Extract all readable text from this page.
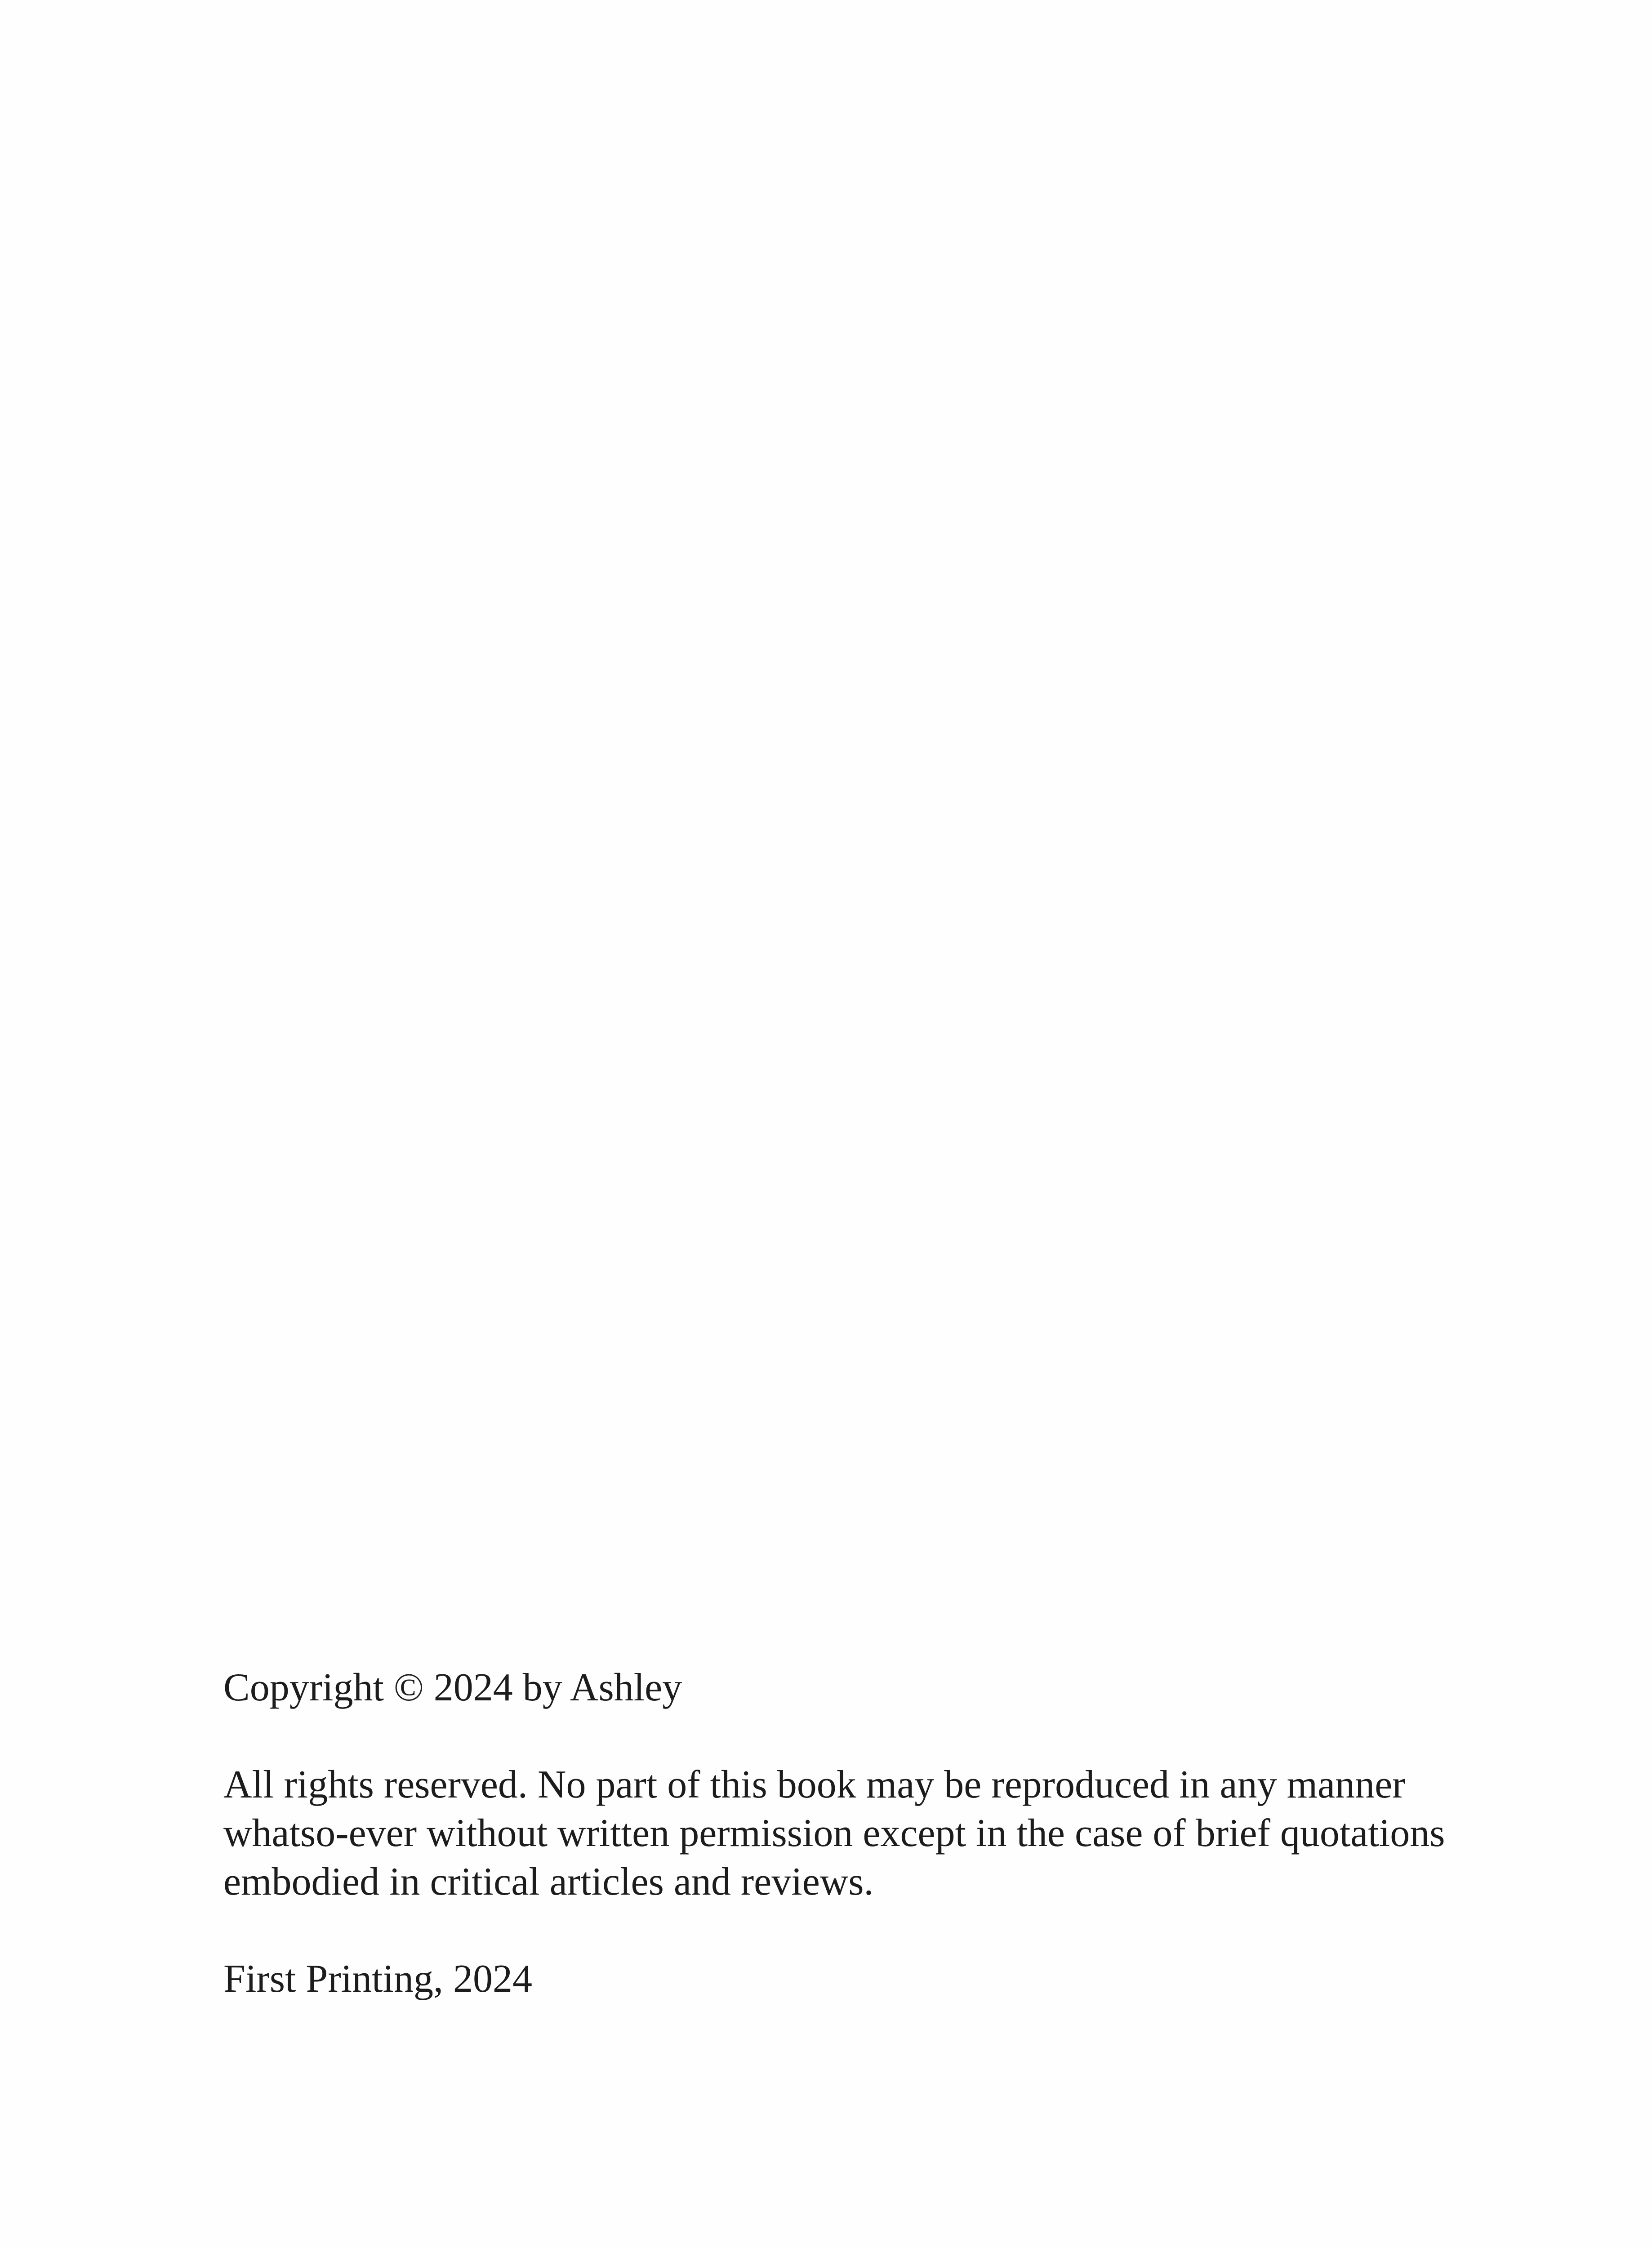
Copyright © 2024 by Ashley

All rights reserved. No part of this book may be reproduced in any manner
whatso-ever without written permission except in the case of brief quotations
embodied in critical articles and reviews.

First Printing, 2024
